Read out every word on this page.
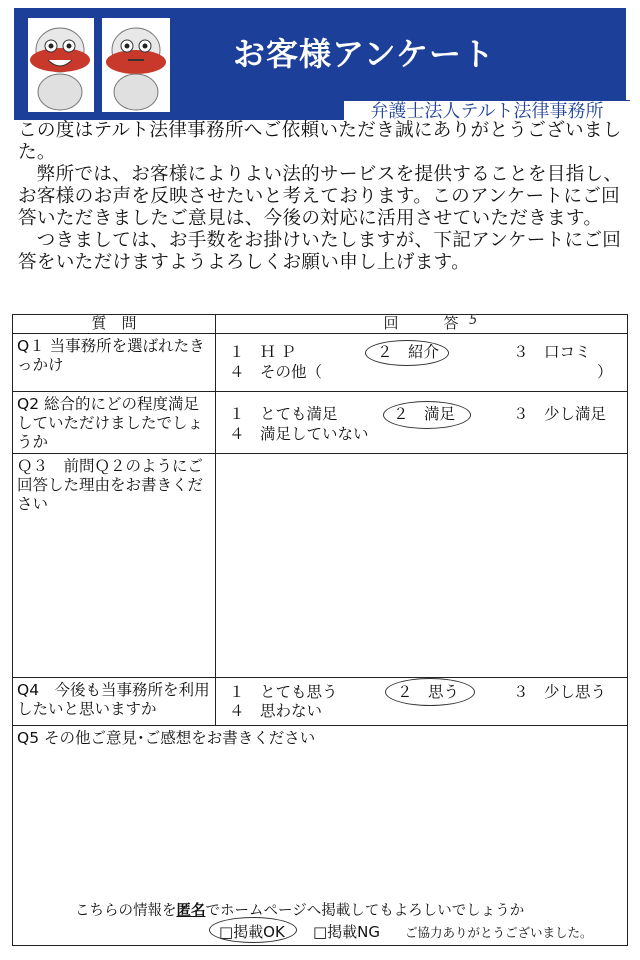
お客様アンケート
弁護士法人テルト法律事務所

この度はテルト法律事務所へご依頼いただき誠にありがとうございました。

弊所では、お客様によりよい法的サービスを提供することを目指し、お客様のお声を反映させたいと考えております。このアンケートにご回答いただきましたご意見は、今後の対応に活用させていただきます。

つきましては、お手数をお掛けいたしますが、下記アンケートにご回答をいただけますようよろしくお願い申し上げます。

質　問	回　　　答 5
Q１ 当事務所を選ばれたきっかけ
１　Ｈ Ｐ	２　紹介	３　口コミ
４　その他（	）
Q2 総合的にどの程度満足していただけましたでしょうか
１　とても満足	２　満足	３　少し満足
４　満足していない
Ｑ３　前問Ｑ２のようにご回答した理由をお書きください
Q4　今後も当事務所を利用したいと思いますか
１　とても思う	２　思う	３　少し思う
４　思わない
Q5 その他ご意見･ご感想をお書きください
こちらの情報を匿名でホームページへ掲載してもよろしいでしょうか
□掲載OK □掲載NG ご協力ありがとうございました。
